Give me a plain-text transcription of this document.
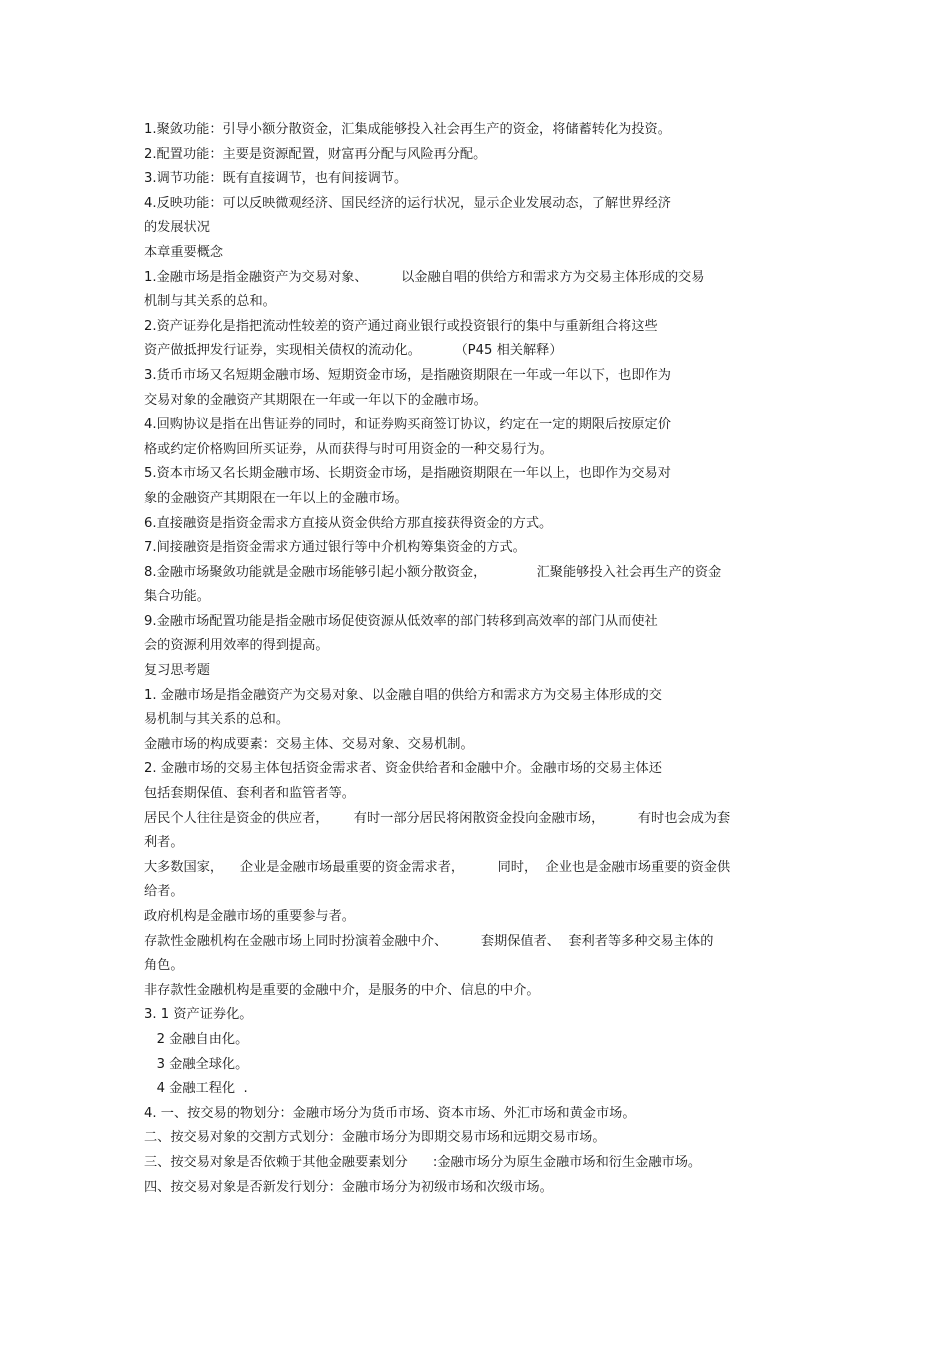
1.聚敛功能：引导小额分散资金，汇集成能够投入社会再生产的资金，将储蓄转化为投资。
2.配置功能：主要是资源配置，财富再分配与风险再分配。
3.调节功能：既有直接调节，也有间接调节。
4.反映功能：可以反映微观经济、国民经济的运行状况，显示企业发展动态，了解世界经济
的发展状况
本章重要概念
1.金融市场是指金融资产为交易对象、        以金融自唱的供给方和需求方为交易主体形成的交易
机制与其关系的总和。
2.资产证券化是指把流动性较差的资产通过商业银行或投资银行的集中与重新组合将这些
资产做抵押发行证券，实现相关债权的流动化。        （P45 相关解释）
3.货币市场又名短期金融市场、短期资金市场，是指融资期限在一年或一年以下，也即作为
交易对象的金融资产其期限在一年或一年以下的金融市场。
4.回购协议是指在出售证券的同时，和证券购买商签订协议，约定在一定的期限后按原定价
格或约定价格购回所买证券，从而获得与时可用资金的一种交易行为。
5.资本市场又名长期金融市场、长期资金市场，是指融资期限在一年以上，也即作为交易对
象的金融资产其期限在一年以上的金融市场。
6.直接融资是指资金需求方直接从资金供给方那直接获得资金的方式。
7.间接融资是指资金需求方通过银行等中介机构筹集资金的方式。
8.金融市场聚敛功能就是金融市场能够引起小额分散资金，            汇聚能够投入社会再生产的资金
集合功能。
9.金融市场配置功能是指金融市场促使资源从低效率的部门转移到高效率的部门从而使社
会的资源利用效率的得到提高。
复习思考题
1. 金融市场是指金融资产为交易对象、以金融自唱的供给方和需求方为交易主体形成的交
易机制与其关系的总和。
金融市场的构成要素：交易主体、交易对象、交易机制。
2. 金融市场的交易主体包括资金需求者、资金供给者和金融中介。金融市场的交易主体还
包括套期保值、套利者和监管者等。
居民个人往往是资金的供应者，      有时一部分居民将闲散资金投向金融市场，        有时也会成为套
利者。
大多数国家，    企业是金融市场最重要的资金需求者，        同时，  企业也是金融市场重要的资金供
给者。
政府机构是金融市场的重要参与者。
存款性金融机构在金融市场上同时扮演着金融中介、        套期保值者、  套利者等多种交易主体的
角色。
非存款性金融机构是重要的金融中介，是服务的中介、信息的中介。
3. 1 资产证券化。
2 金融自由化。
3 金融全球化。
4 金融工程化  .
4. 一、按交易的物划分：金融市场分为货币市场、资本市场、外汇市场和黄金市场。
二、按交易对象的交割方式划分：金融市场分为即期交易市场和远期交易市场。
三、按交易对象是否依赖于其他金融要素划分      :金融市场分为原生金融市场和衍生金融市场。
四、按交易对象是否新发行划分：金融市场分为初级市场和次级市场。
